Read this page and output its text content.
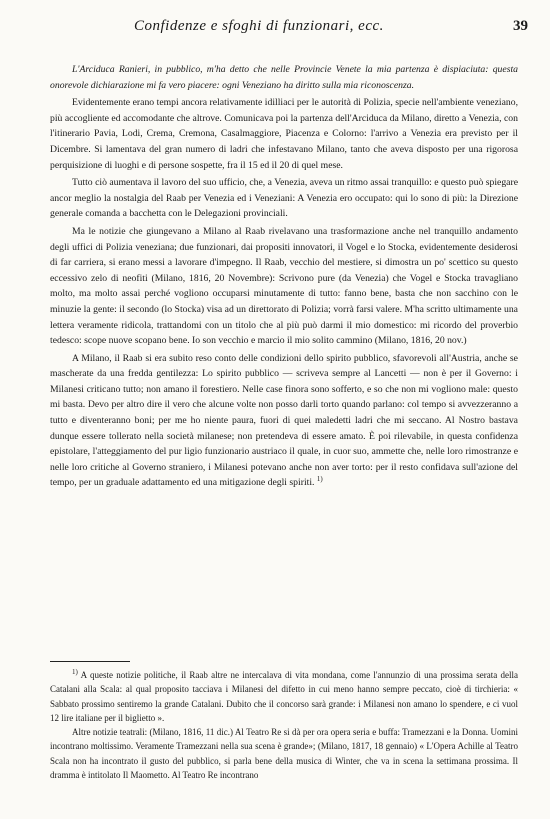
Confidenze e sfoghi di funzionari, ecc.	39

L'Arciduca Ranieri, in pubblico, m'ha detto che nelle Provincie Venete la mia partenza è dispiaciuta: questa onorevole dichiarazione mi fa vero piacere: ogni Veneziano ha diritto sulla mia riconoscenza.

Evidentemente erano tempi ancora relativamente idilliaci per le autorità di Polizia, specie nell'ambiente veneziano, più accogliente ed accomodante che altrove. Comunicava poi la partenza dell'Arciduca da Milano, diretto a Venezia, con l'itinerario Pavia, Lodi, Crema, Cremona, Casalmaggiore, Piacenza e Colorno: l'arrivo a Venezia era previsto per il Dicembre. Si lamentava del gran numero di ladri che infestavano Milano, tanto che aveva disposto per una rigorosa perquisizione di luoghi e di persone sospette, fra il 15 ed il 20 di quel mese.

Tutto ciò aumentava il lavoro del suo ufficio, che, a Venezia, aveva un ritmo assai tranquillo: e questo può spiegare ancor meglio la nostalgia del Raab per Venezia ed i Veneziani: A Venezia ero occupato: qui lo sono di più: la Direzione generale comanda a bacchetta con le Delegazioni provinciali.

Ma le notizie che giungevano a Milano al Raab rivelavano una trasformazione anche nel tranquillo andamento degli uffici di Polizia veneziana; due funzionari, dai propositi innovatori, il Vogel e lo Stocka, evidentemente desiderosi di far carriera, si erano messi a lavorare d'impegno. Il Raab, vecchio del mestiere, si dimostra un po' scettico su questo eccessivo zelo di neofiti (Milano, 1816, 20 Novembre): Scrivono pure (da Venezia) che Vogel e Stocka travagliano molto, ma molto assai perché vogliono occuparsi minutamente di tutto: fanno bene, basta che non sacchino con le minuzie la gente: il secondo (lo Stocka) visa ad un direttorato di Polizia; vorrà farsi valere. M'ha scritto ultimamente una lettera veramente ridicola, trattandomi con un titolo che al più può darmi il mio domestico: mi ricordo del proverbio tedesco: scope nuove scopano bene. Io son vecchio e marcio il mio solito cammino (Milano, 1816, 20 nov.)

A Milano, il Raab si era subito reso conto delle condizioni dello spirito pubblico, sfavorevoli all'Austria, anche se mascherate da una fredda gentilezza: Lo spirito pubblico — scriveva sempre al Lancetti — non è per il Governo: i Milanesi criticano tutto; non amano il forestiero. Nelle case finora sono sofferto, e so che non mi vogliono male: questo mi basta. Devo per altro dire il vero che alcune volte non posso darli torto quando parlano: col tempo si avvezzeranno a tutto e diventeranno boni; per me ho niente paura, fuori di quei maledetti ladri che mi seccano. Al Nostro bastava dunque essere tollerato nella società milanese; non pretendeva di essere amato. È poi rilevabile, in questa confidenza epistolare, l'atteggiamento del pur ligio funzionario austriaco il quale, in cuor suo, ammette che, nelle loro rimostranze e nelle loro critiche al Governo straniero, i Milanesi potevano anche non aver torto: per il resto confidava sull'azione del tempo, per un graduale adattamento ed una mitigazione degli spiriti. $^{1)}$

$^{1)}$ A queste notizie politiche, il Raab altre ne intercalava di vita mondana, come l'annunzio di una prossima serata della Catalani alla Scala: al qual proposito tacciava i Milanesi del difetto in cui meno hanno sempre peccato, cioè di tirchieria: « Sabbato prossimo sentiremo la grande Catalani. Dubito che il concorso sarà grande: i Milanesi non amano lo spendere, e ci vuol 12 lire italiane per il biglietto ».

Altre notizie teatrali: (Milano, 1816, 11 dic.) Al Teatro Re si dà per ora opera seria e buffa: Tramezzani e la Donna. Uomini incontrano moltissimo. Veramente Tramezzani nella sua scena è grande»; (Milano, 1817, 18 gennaio) « L'Opera Achille al Teatro Scala non ha incontrato il gusto del pubblico, si parla bene della musica di Winter, che va in scena la settimana prossima. Il dramma è intitolato Il Maometto. Al Teatro Re incontrano
